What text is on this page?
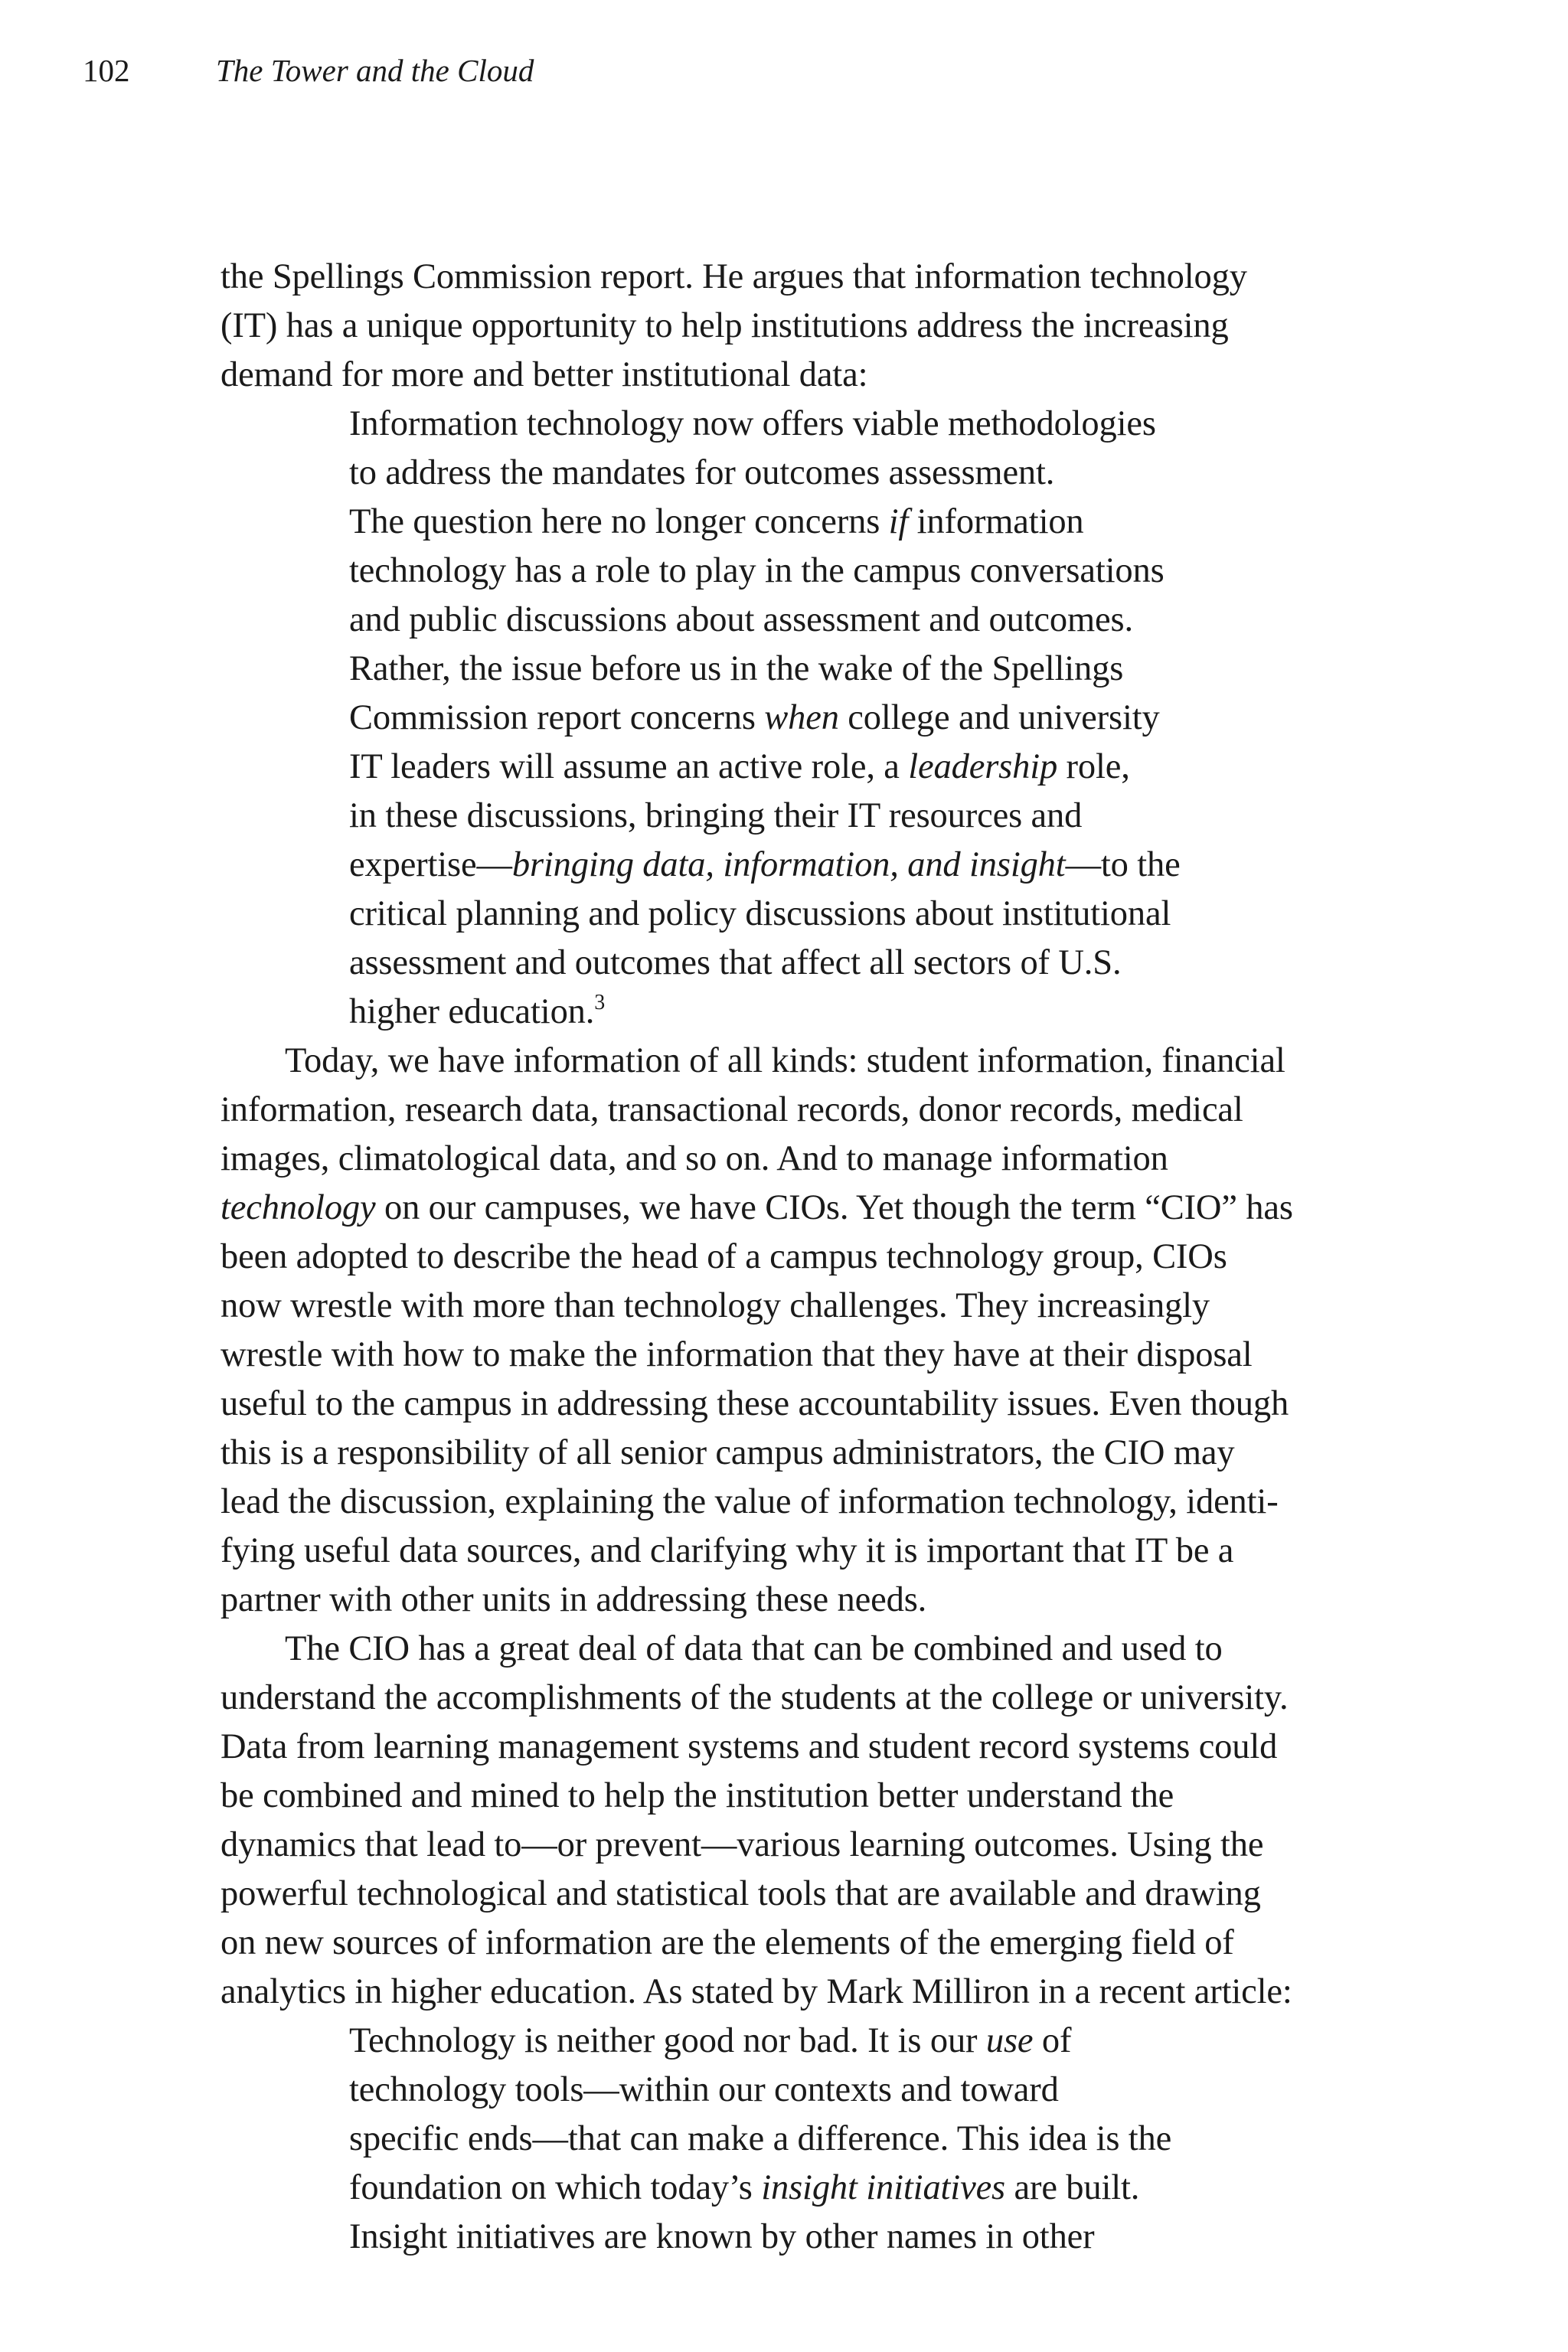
102	The Tower and the Cloud
the Spellings Commission report. He argues that information technology
(IT) has a unique opportunity to help institutions address the increasing
demand for more and better institutional data:
Information technology now offers viable methodologies
to address the mandates for outcomes assessment.
The question here no longer concerns if information
technology has a role to play in the campus conversations
and public discussions about assessment and outcomes.
Rather, the issue before us in the wake of the Spellings
Commission report concerns when college and university
IT leaders will assume an active role, a leadership role,
in these discussions, bringing their IT resources and
expertise—bringing data, information, and insight—to the
critical planning and policy discussions about institutional
assessment and outcomes that affect all sectors of U.S.
higher education.$^3$
Today, we have information of all kinds: student information, financial
information, research data, transactional records, donor records, medical
images, climatological data, and so on. And to manage information
technology on our campuses, we have CIOs. Yet though the term “CIO” has
been adopted to describe the head of a campus technology group, CIOs
now wrestle with more than technology challenges. They increasingly
wrestle with how to make the information that they have at their disposal
useful to the campus in addressing these accountability issues. Even though
this is a responsibility of all senior campus administrators, the CIO may
lead the discussion, explaining the value of information technology, identi-
fying useful data sources, and clarifying why it is important that IT be a
partner with other units in addressing these needs.
The CIO has a great deal of data that can be combined and used to
understand the accomplishments of the students at the college or university.
Data from learning management systems and student record systems could
be combined and mined to help the institution better understand the
dynamics that lead to—or prevent—various learning outcomes. Using the
powerful technological and statistical tools that are available and drawing
on new sources of information are the elements of the emerging field of
analytics in higher education. As stated by Mark Milliron in a recent article:
Technology is neither good nor bad. It is our use of
technology tools—within our contexts and toward
specific ends—that can make a difference. This idea is the
foundation on which today’s insight initiatives are built.
Insight initiatives are known by other names in other
